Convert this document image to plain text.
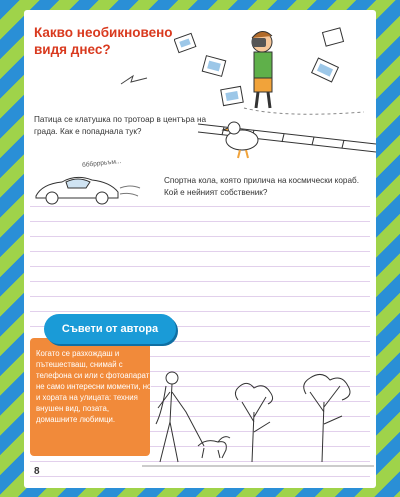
Какво необикновено видя днес?
Патица се клатушка по тротоар в центъра на града. Как е попаднала тук?
бббрррьъм...
Спортна кола, която прилича на космически кораб. Кой е нейният собственик?
Съвети от автора
Когато се разхождаш и пътешестваш, снимай с телефона си или с фотоапарат не само интересни моменти, но и хората на улицата: техния внушен вид, позата, домашните любимци.
8
